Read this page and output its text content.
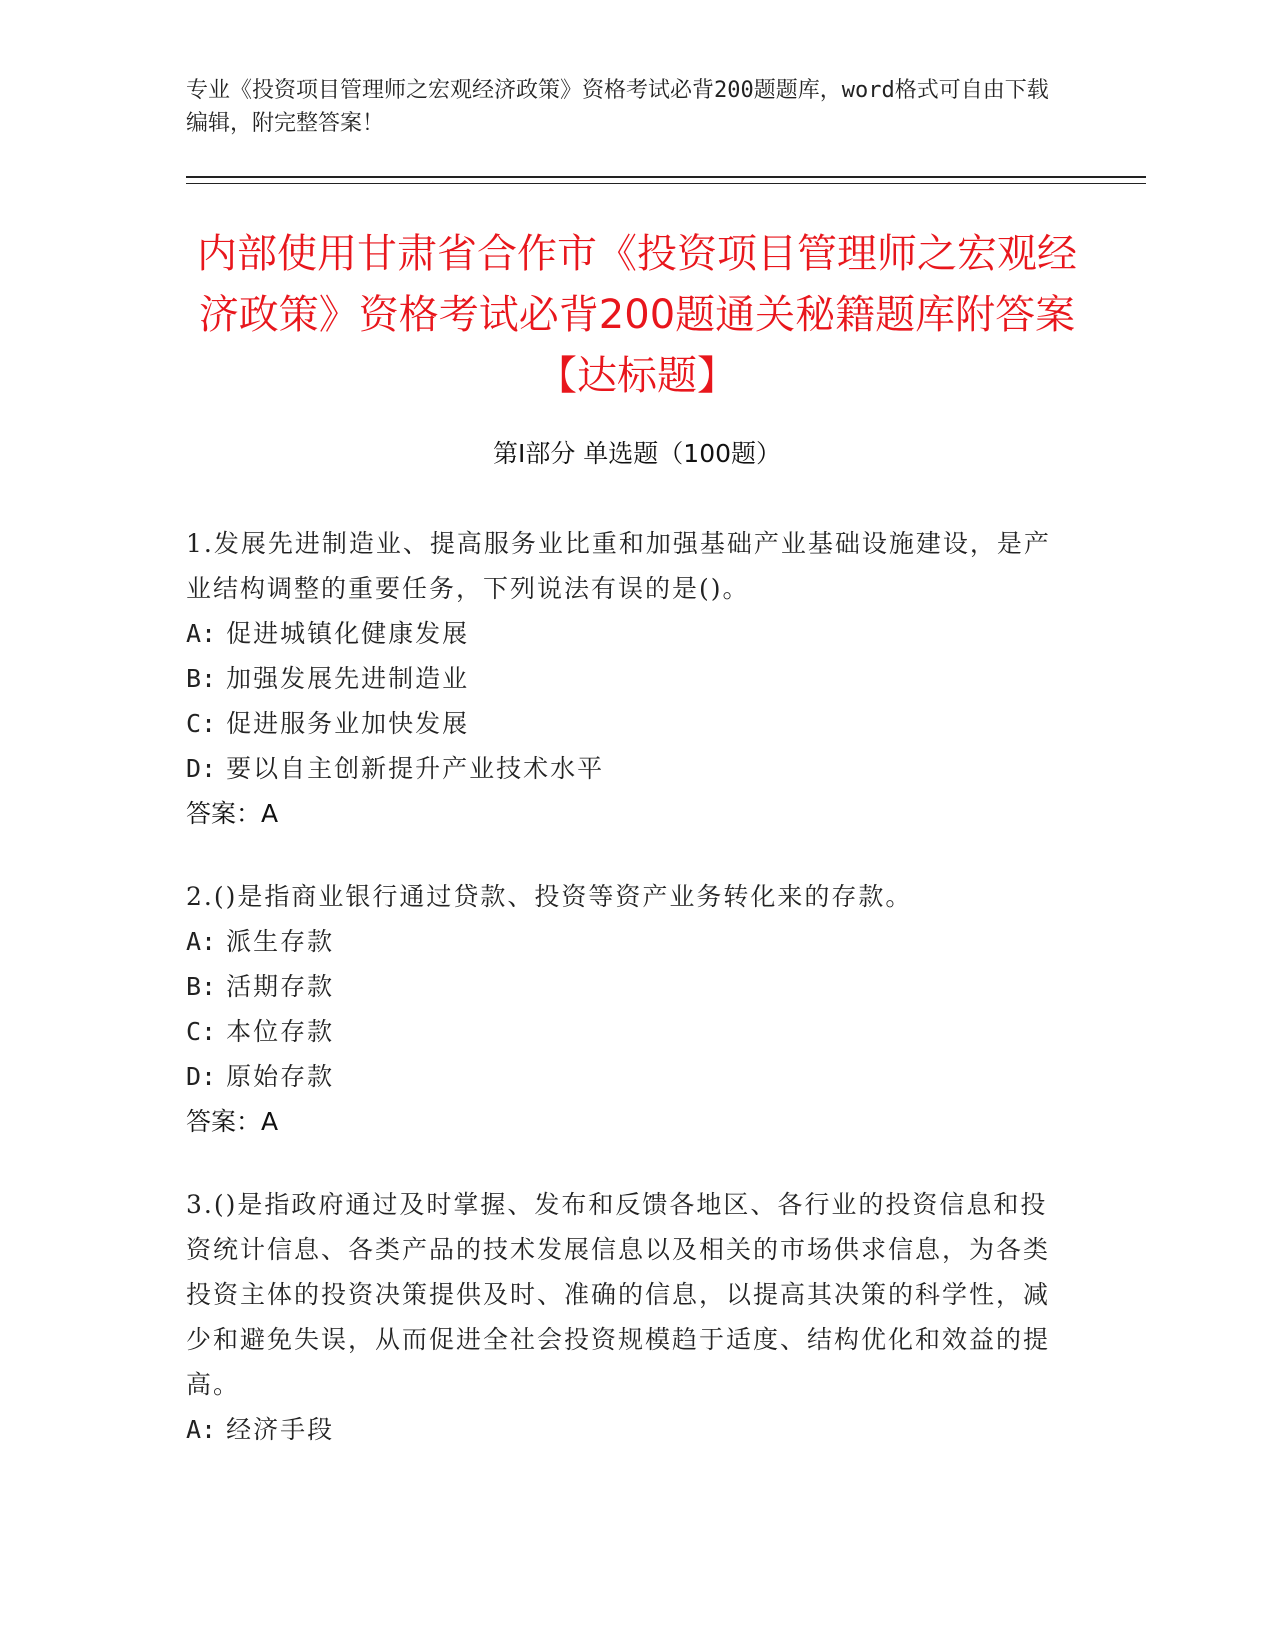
专业《投资项目管理师之宏观经济政策》资格考试必背200题题库，word格式可自由下载编辑，附完整答案！

内部使用甘肃省合作市《投资项目管理师之宏观经济政策》资格考试必背200题通关秘籍题库附答案【达标题】
第I部分 单选题（100题）

1.发展先进制造业、提高服务业比重和加强基础产业基础设施建设，是产业结构调整的重要任务，下列说法有误的是()。

A: 促进城镇化健康发展

B: 加强发展先进制造业

C: 促进服务业加快发展

D: 要以自主创新提升产业技术水平

答案：A

2.()是指商业银行通过贷款、投资等资产业务转化来的存款。

A: 派生存款

B: 活期存款

C: 本位存款

D: 原始存款

答案：A

3.()是指政府通过及时掌握、发布和反馈各地区、各行业的投资信息和投资统计信息、各类产品的技术发展信息以及相关的市场供求信息，为各类投资主体的投资决策提供及时、准确的信息，以提高其决策的科学性，减少和避免失误，从而促进全社会投资规模趋于适度、结构优化和效益的提高。

A: 经济手段
